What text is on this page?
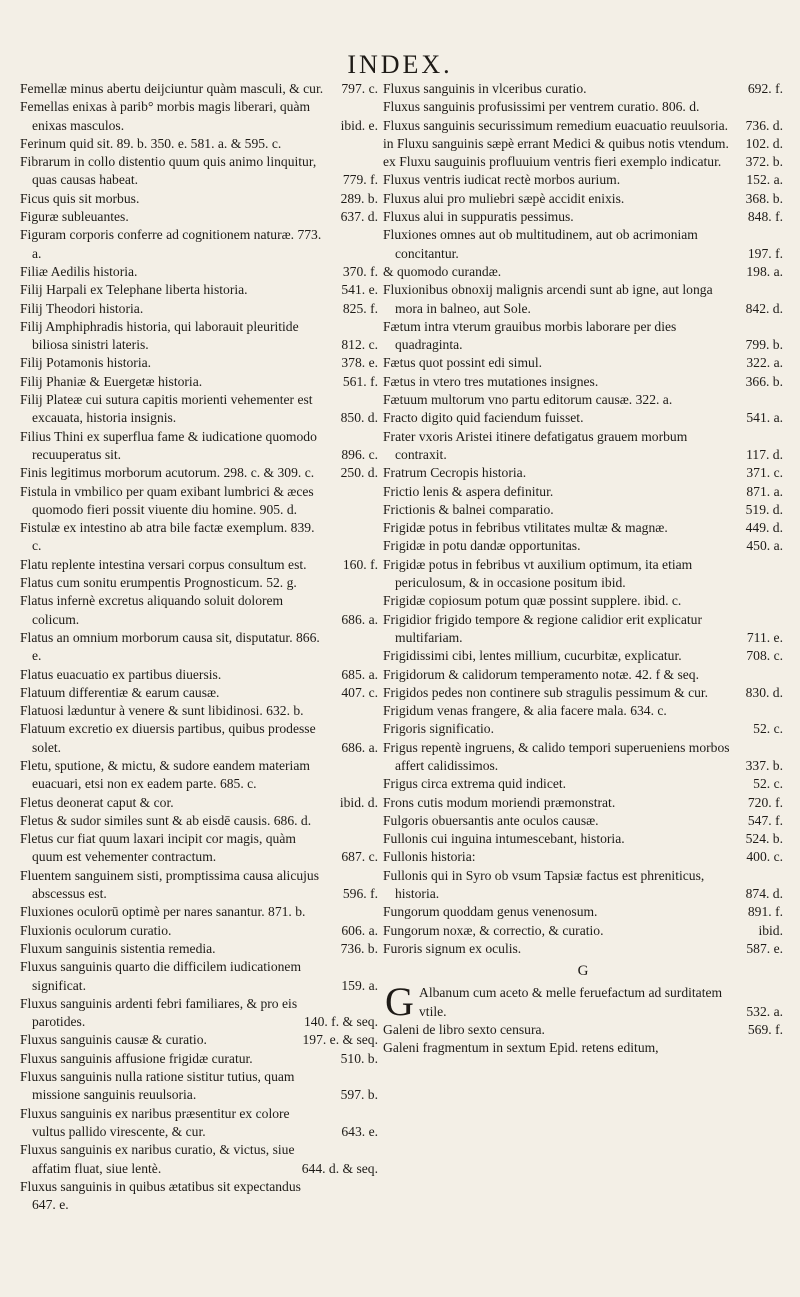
INDEX.
Femellæ minus abertu deijciuntur quàm masculi, & cur. 797. c.
Femellas enixas à parib° morbis magis liberari, quàm enixas masculos.	ibid. e.
Ferinum quid sit. 89. b. 350. e. 581. a. & 595. c.
Fibrarum in collo distentio quum quis animo linquitur, quas causas habeat.	779. f.
Ficus quis sit morbus.	289. b.
Figuræ subleuantes.	637. d.
Figuram corporis conferre ad cognitionem naturæ. 773. a.
Filiæ Aedilis historia.	370. f.
Filij Harpali ex Telephane liberta historia.	541. e.
Filij Theodori historia.	825. f.
Filij Amphiphradis historia, qui laborauit pleuritide biliosa sinistri lateris.	812. c.
Filij Potamonis historia.	378. e.
Filij Phaniæ & Euergetæ historia.	561. f.
Filij Plateæ cui sutura capitis morienti vehementer est excauata, historia insignis.	850. d.
Filius Thini ex superflua fame & iudicatione quomodo recuuperatus sit.	896. c.
Finis legitimus morborum acutorum. 298. c. & 309. c. 250. d.
Fistula in vmbilico per quam exibant lumbrici & æces quomodo fieri possit viuente diu homine. 905. d.
Fistulæ ex intestino ab atra bile factæ exemplum. 839. c.
Flatu replente intestina versari corpus consultum est.	160. f.
Flatus cum sonitu erumpentis Prognosticum. 52. g.
Flatus infernè excretus aliquando soluit dolorem colicum.	686. a.
Flatus an omnium morborum causa sit, disputatur. 866. e.
Flatus euacuatio ex partibus diuersis.	685. a.
Flatuum differentiæ & earum causæ.	407. c.
Flatuosi læduntur à venere & sunt libidinosi. 632. b.
Flatuum excretio ex diuersis partibus, quibus prodesse solet.	686. a.
Fletu, sputione, & mictu, & sudore eandem materiam euacuari, etsi non ex eadem parte. 685. c.
Fletus deonerat caput & cor.	ibid. d.
Fletus & sudor similes sunt & ab eisdē causis. 686. d.
Fletus cur fiat quum laxari incipit cor magis, quàm quum est vehementer contractum.	687. c.
Fluentem sanguinem sisti, promptissima causa alicujus abscessus est.	596. f.
Fluxiones oculorū optimè per nares sanantur. 871. b.
Fluxionis oculorum curatio.	606. a.
Fluxum sanguinis sistentia remedia.	736. b.
Fluxus sanguinis quarto die difficilem iudicationem significat.	159. a.
Fluxus sanguinis ardenti febri familiares, & pro eis parotides.	140. f. & seq.
Fluxus sanguinis causæ & curatio.	197. e. & seq.
Fluxus sanguinis affusione frigidæ curatur.	510. b.
Fluxus sanguinis nulla ratione sistitur tutius, quam missione sanguinis reuulsoria.	597. b.
Fluxus sanguinis ex naribus præsentitur ex colore vultus pallido virescente, & cur.	643. e.
Fluxus sanguinis ex naribus curatio, & victus, siue affatim fluat, siue lentè.	644. d. & seq.
Fluxus sanguinis in quibus ætatibus sit expectandus 647. e.
Fluxus sanguinis in vlceribus curatio.	692. f.
Fluxus sanguinis profusissimi per ventrem curatio. 806. d.
Fluxus sanguinis securissimum remedium euacuatio reuulsoria. 736. d.
in Fluxu sanguinis sæpè errant Medici & quibus notis vtendum. 102. d.
ex Fluxu sauguinis profluuium ventris fieri exemplo indicatur. 372. b.
Fluxus ventris iudicat rectè morbos aurium.	152. a.
Fluxus alui pro muliebri sæpè accidit enixis.	368. b.
Fluxus alui in suppuratis pessimus.	848. f.
Fluxiones omnes aut ob multitudinem, aut ob acrimoniam concitantur.	197. f.
& quomodo curandæ.	198. a.
Fluxionibus obnoxij malignis arcendi sunt ab igne, aut longa mora in balneo, aut Sole.	842. d.
Fætum intra vterum grauibus morbis laborare per dies quadraginta.	799. b.
Fætus quot possint edi simul.	322. a.
Fætus in vtero tres mutationes insignes.	366. b.
Fætuum multorum vno partu editorum causæ. 322. a.
Fracto digito quid faciendum fuisset.	541. a.
Frater vxoris Aristei itinere defatigatus grauem morbum contraxit.	117. d.
Fratrum Cecropis historia.	371. c.
Frictio lenis & aspera definitur.	871. a.
Frictionis & balnei comparatio.	519. d.
Frigidæ potus in febribus vtilitates multæ & magnæ.	449. d.
Frigidæ in potu dandæ opportunitas.	450. a.
Frigidæ potus in febribus vt auxilium optimum, ita etiam periculosum, & in occasione positum ibid.
Frigidæ copiosum potum quæ possint supplere. ibid. c.
Frigidior frigido tempore & regione calidior erit explicatur multifariam.	711. e.
Frigidissimi cibi, lentes millium, cucurbitæ, explicatur.	708. c.
Frigidorum & calidorum temperamento notæ. 42. f & seq.
Frigidos pedes non continere sub stragulis pessimum & cur.	830. d.
Frigidum venas frangere, & alia facere mala. 634. c.
Frigoris significatio.	52. c.
Frigus repentè ingruens, & calido tempori superueniens morbos affert calidissimos.	337. b.
Frigus circa extrema quid indicet.	52. c.
Frons cutis modum moriendi præmonstrat.	720. f.
Fulgoris obuersantis ante oculos causæ.	547. f.
Fullonis cui inguina intumescebant, historia.	524. b.
Fullonis historia:	400. c.
Fullonis qui in Syro ob vsum Tapsiæ factus est phreniticus, historia.	874. d.
Fungorum quoddam genus venenosum.	891. f.
Fungorum noxæ, & correctio, & curatio.	ibid.
Furoris signum ex oculis.	587. e.
G
G Albanum cum aceto & melle feruefactum ad surditatem vtile.	532. a.
Galeni de libro sexto censura.	569. f.
Galeni fragmentum in sextum Epid. retens editum,
